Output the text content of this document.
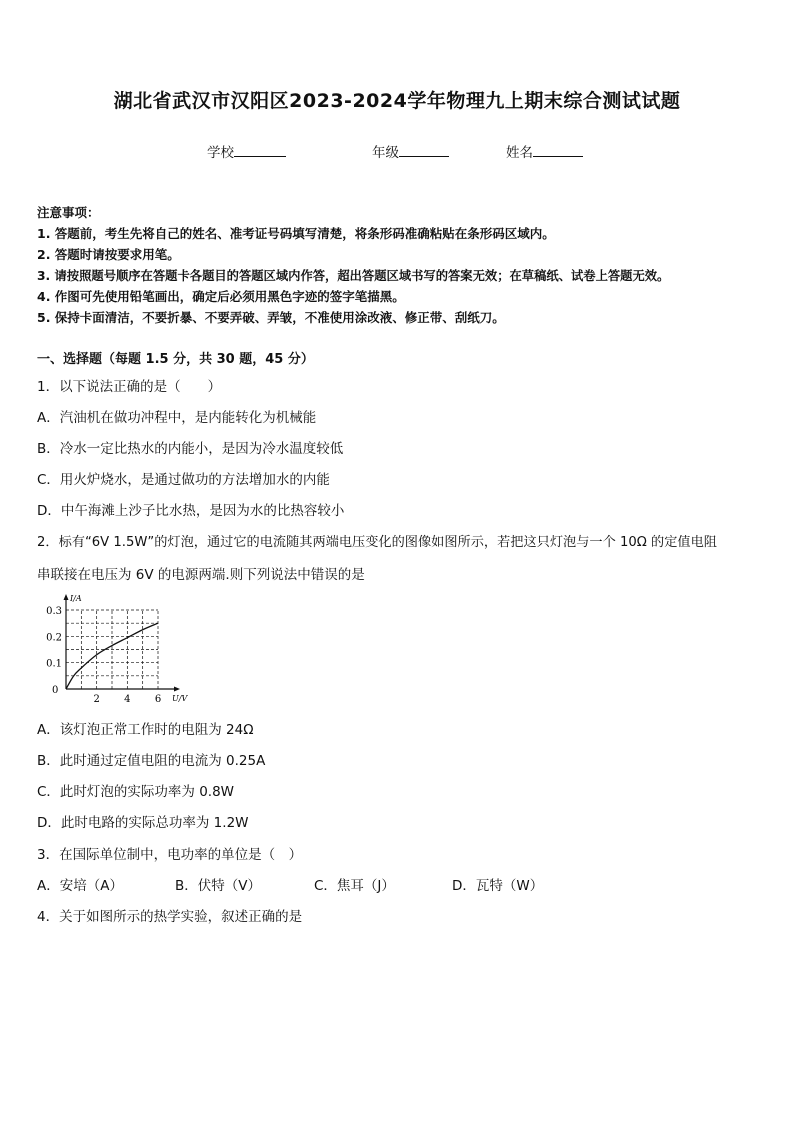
湖北省武汉市汉阳区2023-2024学年物理九上期末综合测试试题
学校	年级	姓名
注意事项：
1. 答题前，考生先将自己的姓名、准考证号码填写清楚，将条形码准确粘贴在条形码区域内。
2. 答题时请按要求用笔。
3. 请按照题号顺序在答题卡各题目的答题区域内作答，超出答题区域书写的答案无效；在草稿纸、试卷上答题无效。
4. 作图可先使用铅笔画出，确定后必须用黑色字迹的签字笔描黑。
5. 保持卡面清洁，不要折暴、不要弄破、弄皱，不准使用涂改液、修正带、刮纸刀。
一、选择题（每题 1.5 分，共 30 题，45 分）
1．以下说法正确的是（　　）
A．汽油机在做功冲程中，是内能转化为机械能
B．冷水一定比热水的内能小，是因为冷水温度较低
C．用火炉烧水，是通过做功的方法增加水的内能
D．中午海滩上沙子比水热，是因为水的比热容较小
2．标有“6V 1.5W”的灯泡，通过它的电流随其两端电压变化的图像如图所示，若把这只灯泡与一个 10Ω 的定值电阻
串联接在电压为 6V 的电源两端.则下列说法中错误的是
I/A
U/V
0
2 4 6
0.1
0.2
0.3
A．该灯泡正常工作时的电阻为 24Ω
B．此时通过定值电阻的电流为 0.25A
C．此时灯泡的实际功率为 0.8W
D．此时电路的实际总功率为 1.2W
3．在国际单位制中，电功率的单位是（　）
A．安培（A）	B．伏特（V）	C．焦耳（J）	D．瓦特（W）
4．关于如图所示的热学实验，叙述正确的是
